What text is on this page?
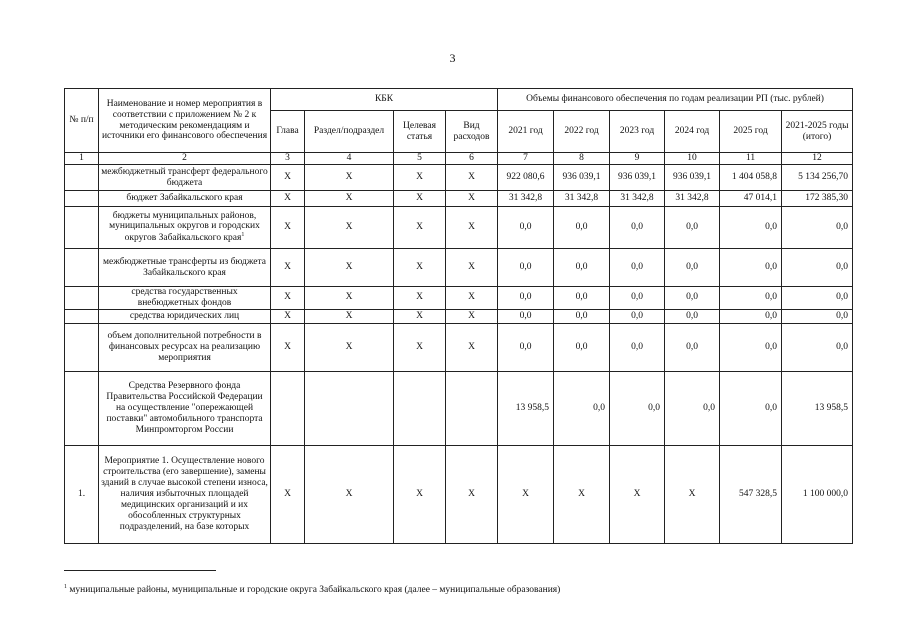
3
№ п/п	Наименование и номер мероприятия в соответствии с приложением № 2 к методическим рекомендациям и источники его финансового обеспечения	КБК				Объемы финансового обеспечения по годам реализации РП (тыс. рублей)					
		Глава	Раздел/подраздел	Целевая статья	Вид расходов	2021 год	2022 год	2023 год	2024 год	2025 год	2021-2025 годы (итого)
1	2	3	4	5	6	7	8	9	10	11	12
	межбюджетный трансферт федерального бюджета	X	X	X	X	922 080,6	936 039,1	936 039,1	936 039,1	1 404 058,8	5 134 256,70
	бюджет Забайкальского края	X	X	X	X	31 342,8	31 342,8	31 342,8	31 342,8	47 014,1	172 385,30
	бюджеты муниципальных районов, муниципальных округов и городских округов Забайкальского края$^1$	X	X	X	X	0,0	0,0	0,0	0,0	0,0	0,0
	межбюджетные трансферты из бюджета Забайкальского края	X	X	X	X	0,0	0,0	0,0	0,0	0,0	0,0
	средства государственных внебюджетных фондов	X	X	X	X	0,0	0,0	0,0	0,0	0,0	0,0
	средства юридических лиц	X	X	X	X	0,0	0,0	0,0	0,0	0,0	0,0
	объем дополнительной потребности в финансовых ресурсах на реализацию мероприятия	X	X	X	X	0,0	0,0	0,0	0,0	0,0	0,0
	Средства Резервного фонда Правительства Российской Федерации на осуществление "опережающей поставки" автомобильного транспорта Минпромторгом России					13 958,5	0,0	0,0	0,0	0,0	13 958,5
1.	Мероприятие 1. Осуществление нового строительства (его завершение), замены зданий в случае высокой степени износа, наличия избыточных площадей медицинских организаций и их обособленных структурных подразделений, на базе которых	X	X	X	X	X	X	X	X	547 328,5	1 100 000,0
$^1$ муниципальные районы, муниципальные и городские округа Забайкальского края (далее – муниципальные образования)
